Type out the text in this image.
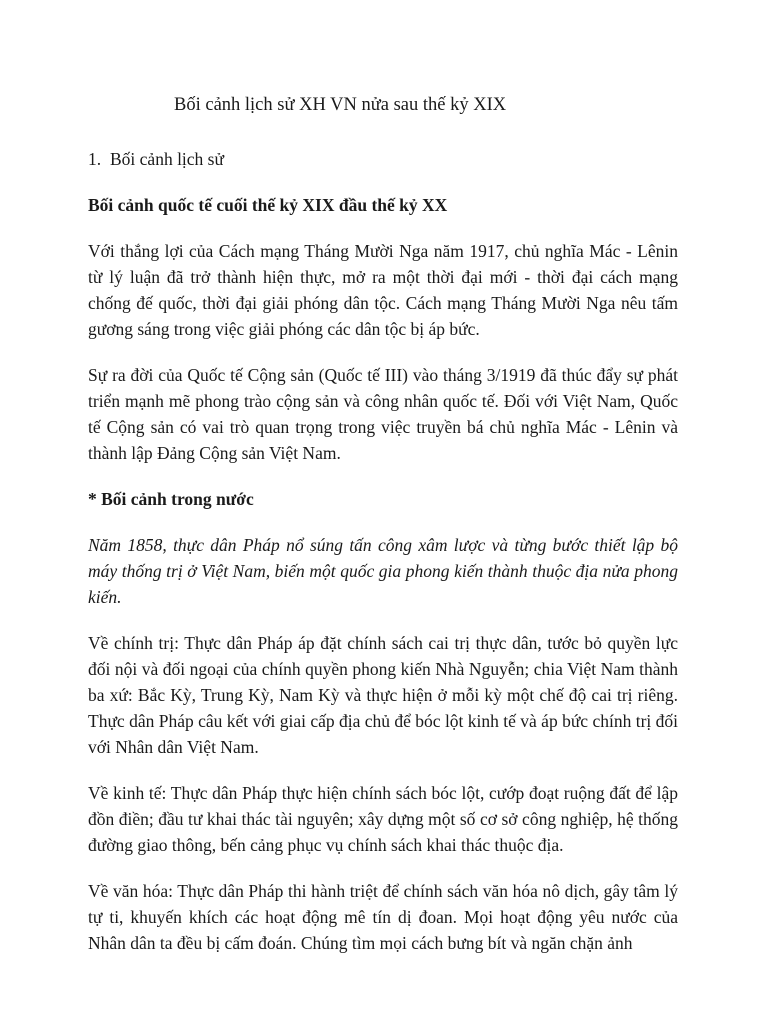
Bối cảnh lịch sử XH VN nửa sau thế kỷ XIX
1. Bối cảnh lịch sử

Bối cảnh quốc tế cuối thế kỷ XIX đầu thế kỷ XX

Với thắng lợi của Cách mạng Tháng Mười Nga năm 1917, chủ nghĩa Mác - Lênin từ lý luận đã trở thành hiện thực, mở ra một thời đại mới - thời đại cách mạng chống đế quốc, thời đại giải phóng dân tộc. Cách mạng Tháng Mười Nga nêu tấm gương sáng trong việc giải phóng các dân tộc bị áp bức.

Sự ra đời của Quốc tế Cộng sản (Quốc tế III) vào tháng 3/1919 đã thúc đẩy sự phát triển mạnh mẽ phong trào cộng sản và công nhân quốc tế. Đối với Việt Nam, Quốc tế Cộng sản có vai trò quan trọng trong việc truyền bá chủ nghĩa Mác - Lênin và thành lập Đảng Cộng sản Việt Nam.

* Bối cảnh trong nước

Năm 1858, thực dân Pháp nổ súng tấn công xâm lược và từng bước thiết lập bộ máy thống trị ở Việt Nam, biến một quốc gia phong kiến thành thuộc địa nửa phong kiến.

Về chính trị: Thực dân Pháp áp đặt chính sách cai trị thực dân, tước bỏ quyền lực đối nội và đối ngoại của chính quyền phong kiến Nhà Nguyễn; chia Việt Nam thành ba xứ: Bắc Kỳ, Trung Kỳ, Nam Kỳ và thực hiện ở mỗi kỳ một chế độ cai trị riêng. Thực dân Pháp câu kết với giai cấp địa chủ để bóc lột kinh tế và áp bức chính trị đối với Nhân dân Việt Nam.

Về kinh tế: Thực dân Pháp thực hiện chính sách bóc lột, cướp đoạt ruộng đất để lập đồn điền; đầu tư khai thác tài nguyên; xây dựng một số cơ sở công nghiệp, hệ thống đường giao thông, bến cảng phục vụ chính sách khai thác thuộc địa.

Về văn hóa: Thực dân Pháp thi hành triệt để chính sách văn hóa nô dịch, gây tâm lý tự ti, khuyến khích các hoạt động mê tín dị đoan. Mọi hoạt động yêu nước của Nhân dân ta đều bị cấm đoán. Chúng tìm mọi cách bưng bít và ngăn chặn ảnh
